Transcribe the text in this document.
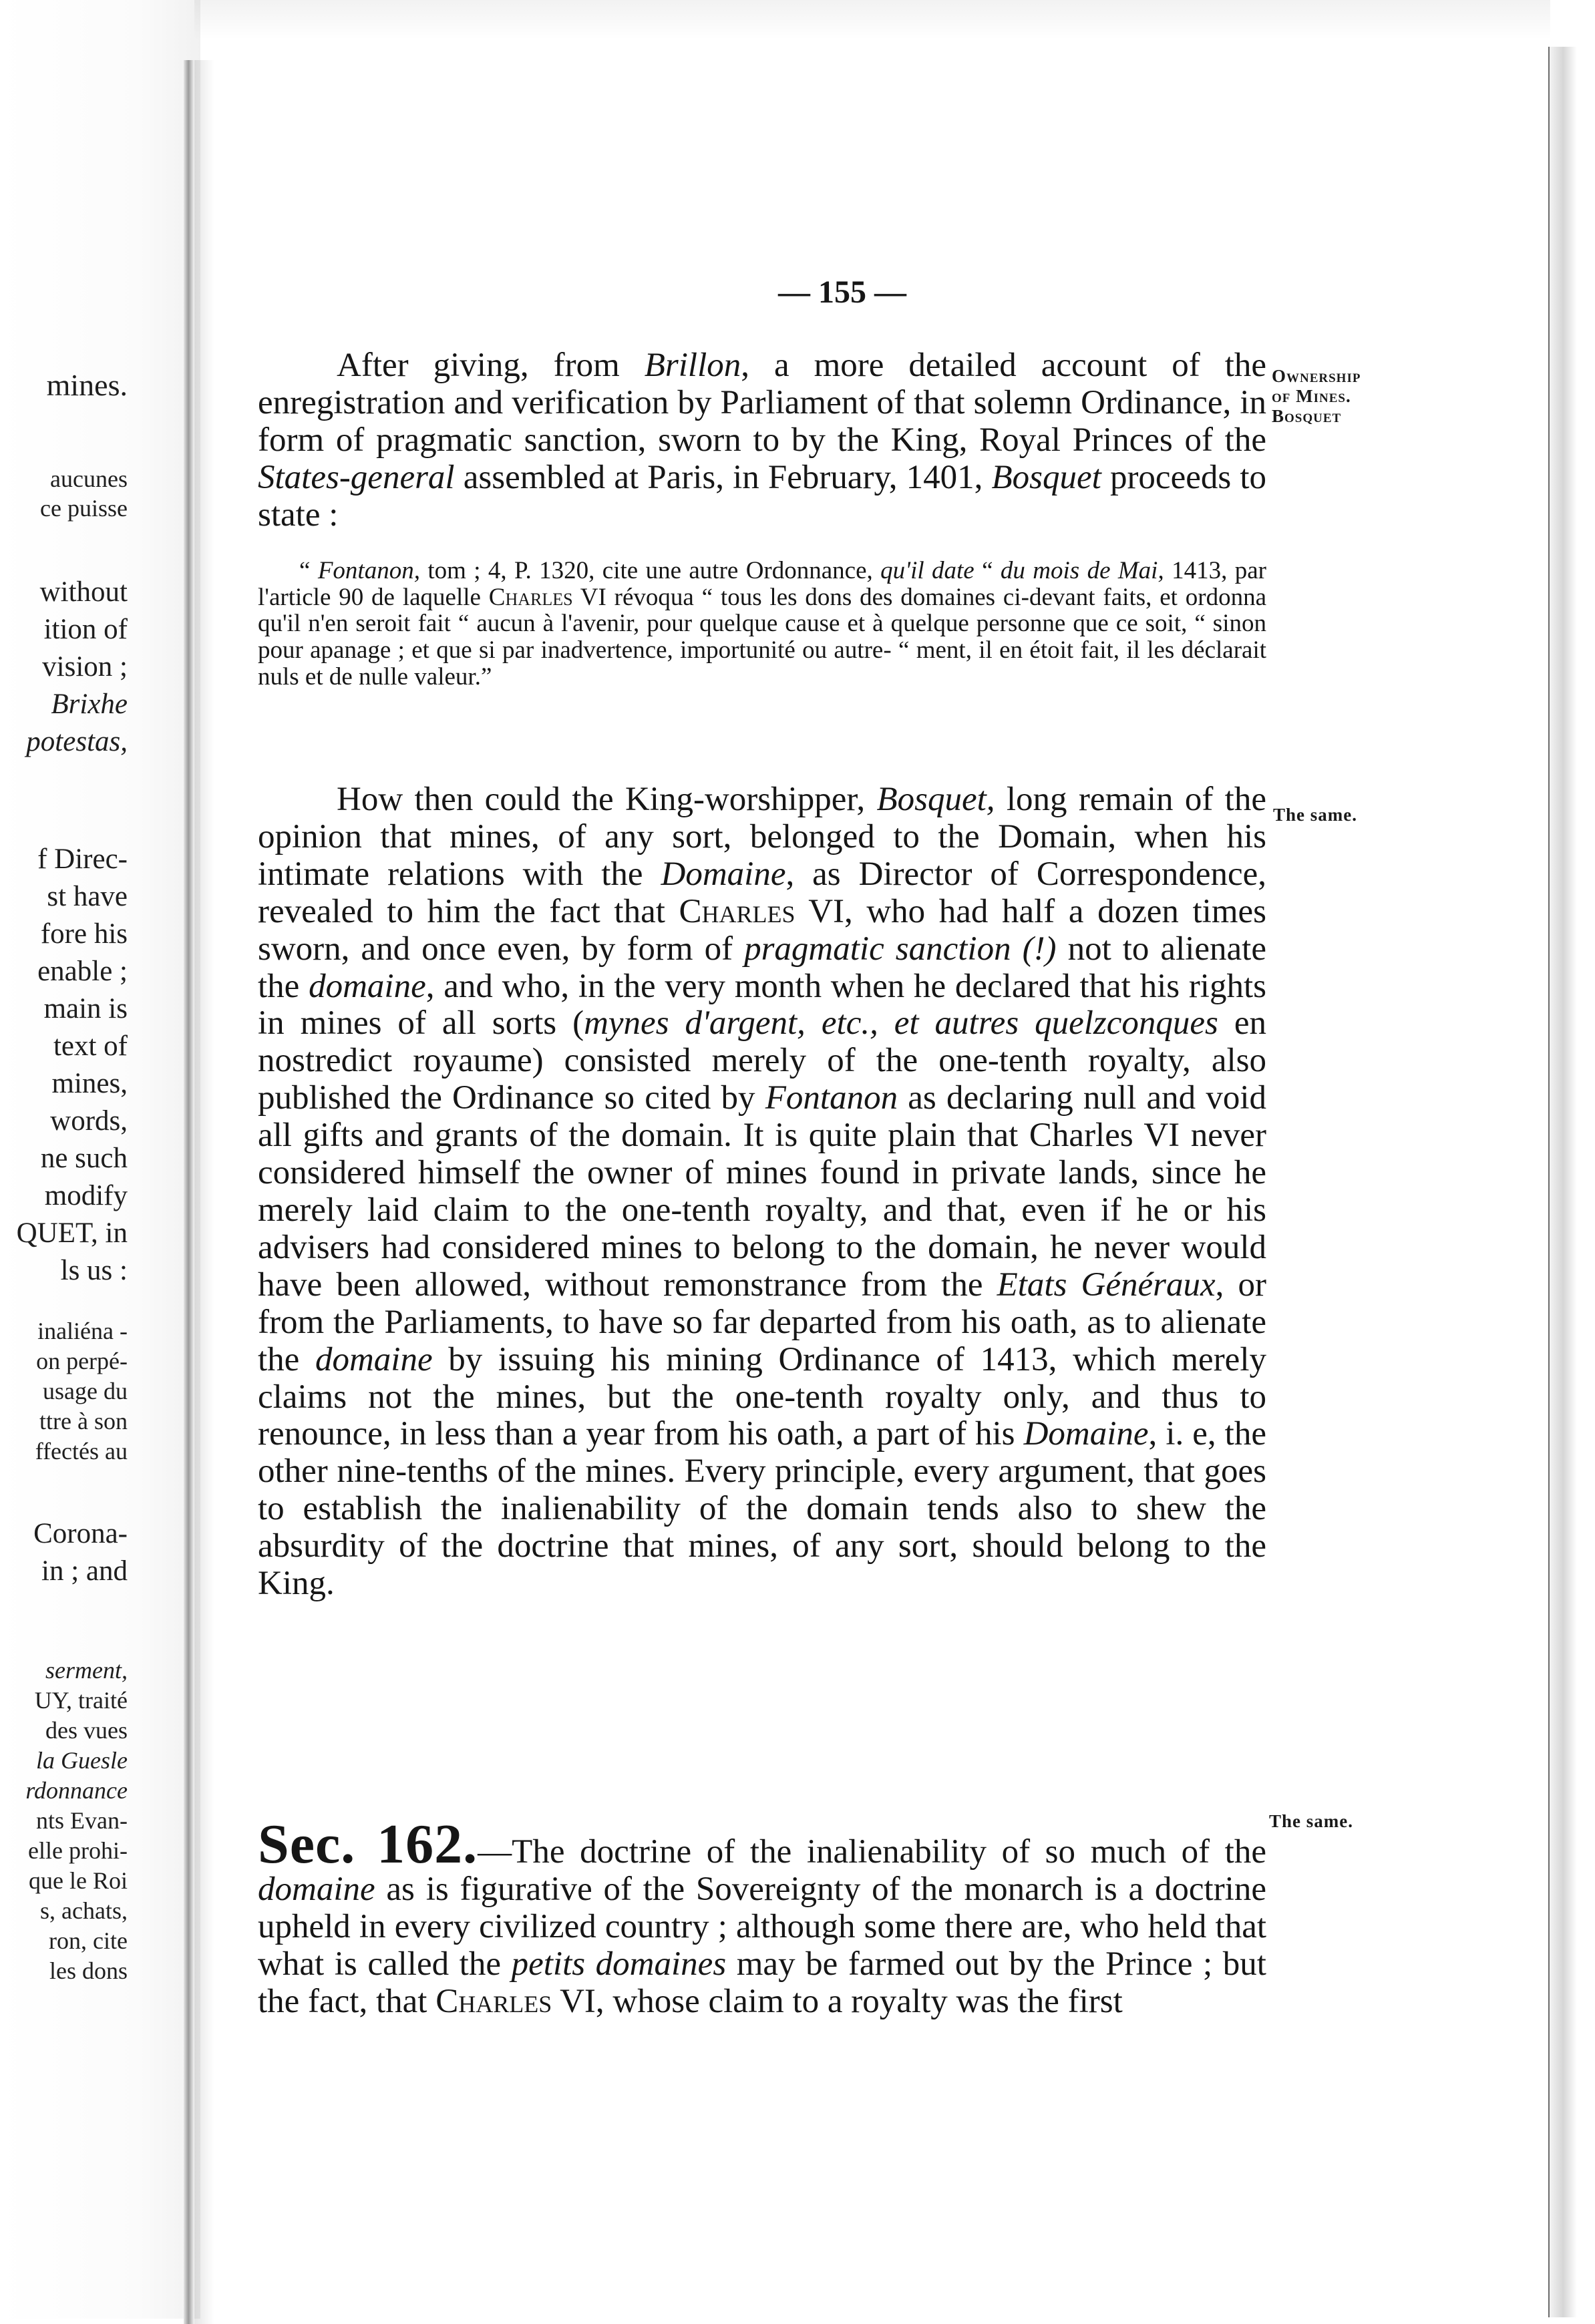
mines.
aucunes
ce puisse
without
ition of
vision ;
Brixhe
potestas,
f Direc-
st have
fore his
enable ;
main is
text of
mines,
words,
ne such
modify
QUET, in
ls us :
inaliéna -
on perpé-
usage du
ttre à son
ffectés au
Corona-
in ; and
serment,
UY, traité
des vues
la Guesle
rdonnance
nts Evan-
elle prohi-
que le Roi
s, achats,
ron, cite
les dons
— 155 —
After giving, from Brillon, a more detailed account of the enregistration and verification by Parliament of that solemn Ordinance, in form of pragmatic sanction, sworn to by the King, Royal Princes of the States-general assembled at Paris, in February, 1401, Bosquet proceeds to state :
“ Fontanon, tom ; 4, P. 1320, cite une autre Ordonnance, qu'il date “ du mois de Mai, 1413, par l'article 90 de laquelle Charles VI révoqua “ tous les dons des domaines ci-devant faits, et ordonna qu'il n'en seroit fait “ aucun à l'avenir, pour quelque cause et à quelque personne que ce soit, “ sinon pour apanage ; et que si par inadvertence, importunité ou autre- “ ment, il en étoit fait, il les déclarait nuls et de nulle valeur.”
How then could the King-worshipper, Bosquet, long remain of the opinion that mines, of any sort, belonged to the Domain, when his intimate relations with the Domaine, as Director of Correspondence, revealed to him the fact that Charles VI, who had half a dozen times sworn, and once even, by form of pragmatic sanction (!) not to alienate the domaine, and who, in the very month when he declared that his rights in mines of all sorts (mynes d'argent, etc., et autres quelzconques en nostredict royaume) consisted merely of the one-tenth royalty, also published the Ordinance so cited by Fontanon as declaring null and void all gifts and grants of the domain. It is quite plain that Charles VI never considered himself the owner of mines found in private lands, since he merely laid claim to the one-tenth royalty, and that, even if he or his advisers had considered mines to belong to the domain, he never would have been allowed, without remonstrance from the Etats Généraux, or from the Parliaments, to have so far departed from his oath, as to alienate the domaine by issuing his mining Ordinance of 1413, which merely claims not the mines, but the one-tenth royalty only, and thus to renounce, in less than a year from his oath, a part of his Domaine, i. e, the other nine-tenths of the mines. Every principle, every argument, that goes to establish the inalienability of the domain tends also to shew the absurdity of the doctrine that mines, of any sort, should belong to the King.
Sec. 162.—The doctrine of the inalienability of so much of the domaine as is figurative of the Sovereignty of the monarch is a doctrine upheld in every civilized country ; although some there are, who held that what is called the petits domaines may be farmed out by the Prince ; but the fact, that Charles VI, whose claim to a royalty was the first
Ownership
of Mines.
Bosquet
The same.
The same.
